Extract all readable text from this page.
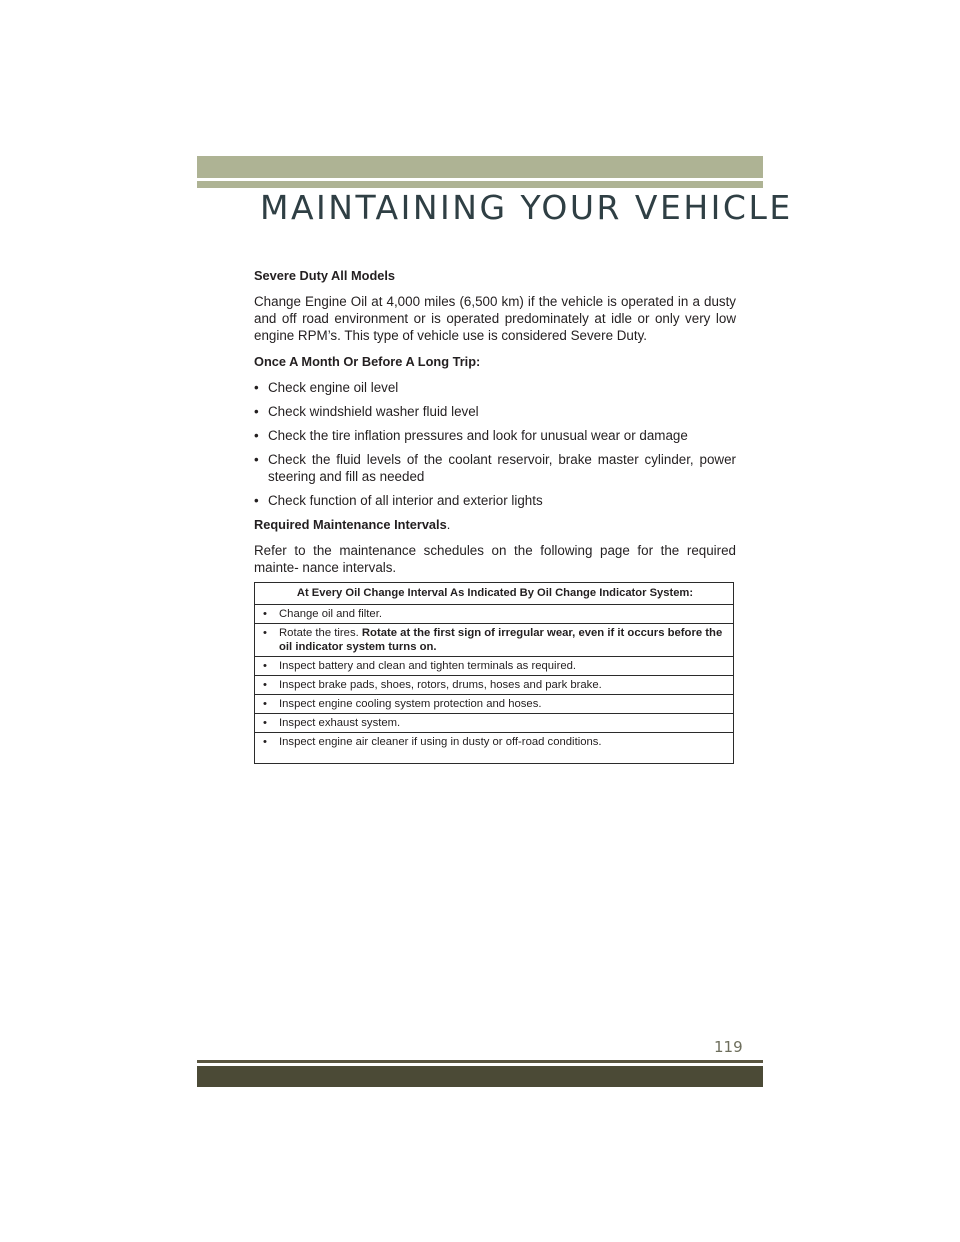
MAINTAINING YOUR VEHICLE

Severe Duty All Models

Change Engine Oil at 4,000 miles (6,500 km) if the vehicle is operated in a dusty and off road environment or is operated predominately at idle or only very low engine RPM’s. This type of vehicle use is considered Severe Duty.

Once A Month Or Before A Long Trip:

• Check engine oil level
• Check windshield washer fluid level
• Check the tire inflation pressures and look for unusual wear or damage
• Check the fluid levels of the coolant reservoir, brake master cylinder, power steering and fill as needed
• Check function of all interior and exterior lights

Required Maintenance Intervals.

Refer to the maintenance schedules on the following page for the required mainte- nance intervals.

At Every Oil Change Interval As Indicated By Oil Change Indicator System:

• Change oil and filter.

• Rotate the tires. Rotate at the first sign of irregular wear, even if it occurs before the oil indicator system turns on.

• Inspect battery and clean and tighten terminals as required.

• Inspect brake pads, shoes, rotors, drums, hoses and park brake.

• Inspect engine cooling system protection and hoses.

• Inspect exhaust system.

• Inspect engine air cleaner if using in dusty or off-road conditions.
119
